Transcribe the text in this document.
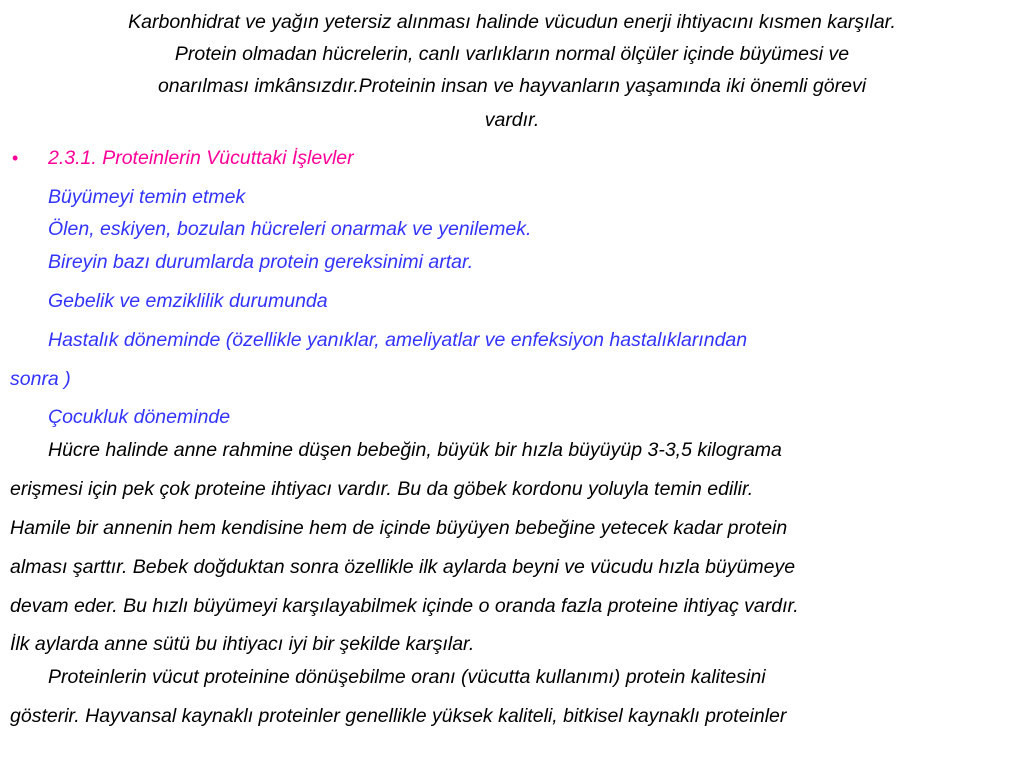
Karbonhidrat ve yağın yetersiz alınması halinde vücudun enerji ihtiyacını kısmen karşılar.
Protein olmadan hücrelerin, canlı varlıkların normal ölçüler içinde büyümesi ve
onarılması imkânsızdır.Proteinin insan ve hayvanların yaşamında iki önemli görevi
vardır.
• 2.3.1. Proteinlerin Vücuttaki İşlevler
Büyümeyi temin etmek
Ölen, eskiyen, bozulan hücreleri onarmak ve yenilemek.
Bireyin bazı durumlarda protein gereksinimi artar.
Gebelik ve emziklilik durumunda
Hastalık döneminde (özellikle yanıklar, ameliyatlar ve enfeksiyon hastalıklarından
sonra )
Çocukluk döneminde
Hücre halinde anne rahmine düşen bebeğin, büyük bir hızla büyüyüp 3-3,5 kilograma
erişmesi için pek çok proteine ihtiyacı vardır. Bu da göbek kordonu yoluyla temin edilir.
Hamile bir annenin hem kendisine hem de içinde büyüyen bebeğine yetecek kadar protein
alması şarttır. Bebek doğduktan sonra özellikle ilk aylarda beyni ve vücudu hızla büyümeye
devam eder. Bu hızlı büyümeyi karşılayabilmek içinde o oranda fazla proteine ihtiyaç vardır.
İlk aylarda anne sütü bu ihtiyacı iyi bir şekilde karşılar.
Proteinlerin vücut proteinine dönüşebilme oranı (vücutta kullanımı) protein kalitesini
gösterir. Hayvansal kaynaklı proteinler genellikle yüksek kaliteli, bitkisel kaynaklı proteinler
